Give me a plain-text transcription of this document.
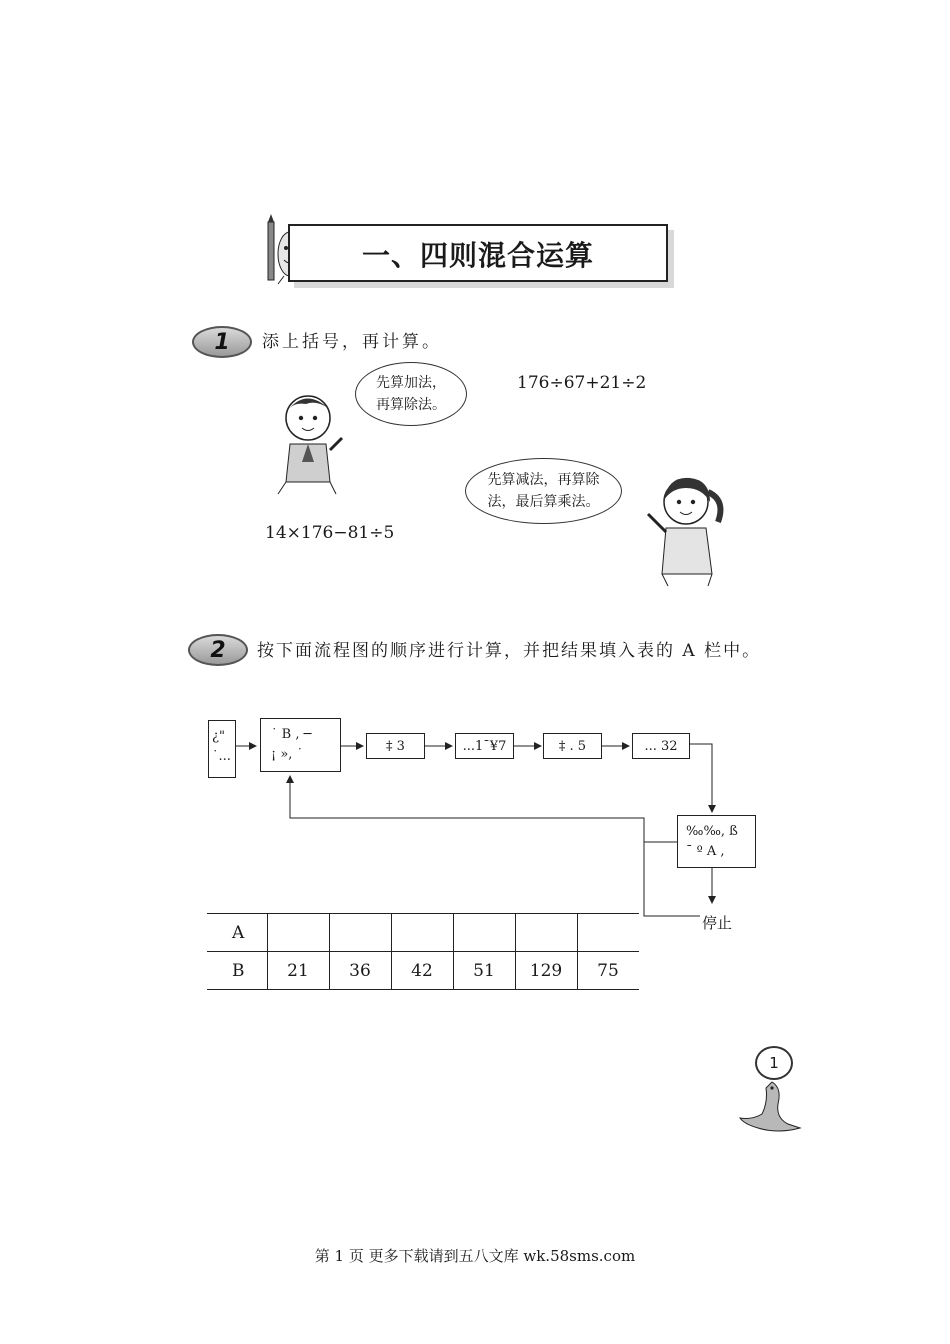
一、四则混合运算
1	添上括号，再计算。
先算加法，
再算除法。
176÷67+21÷2
先算减法，再算除
法，最后算乘法。
14×176−81÷5
2	按下面流程图的顺序进行计算，并把结果填入表的 A 栏中。
¿"
˙...
˙ B , ─
¡ », ˙
‡ 3	...1ˉ¥7	‡ . 5	... 32
‰‰, ß
ˉ º A ,
停止
A						
B	21	36	42	51	129	75
1
第 1 页 更多下载请到五八文库 wk.58sms.com
